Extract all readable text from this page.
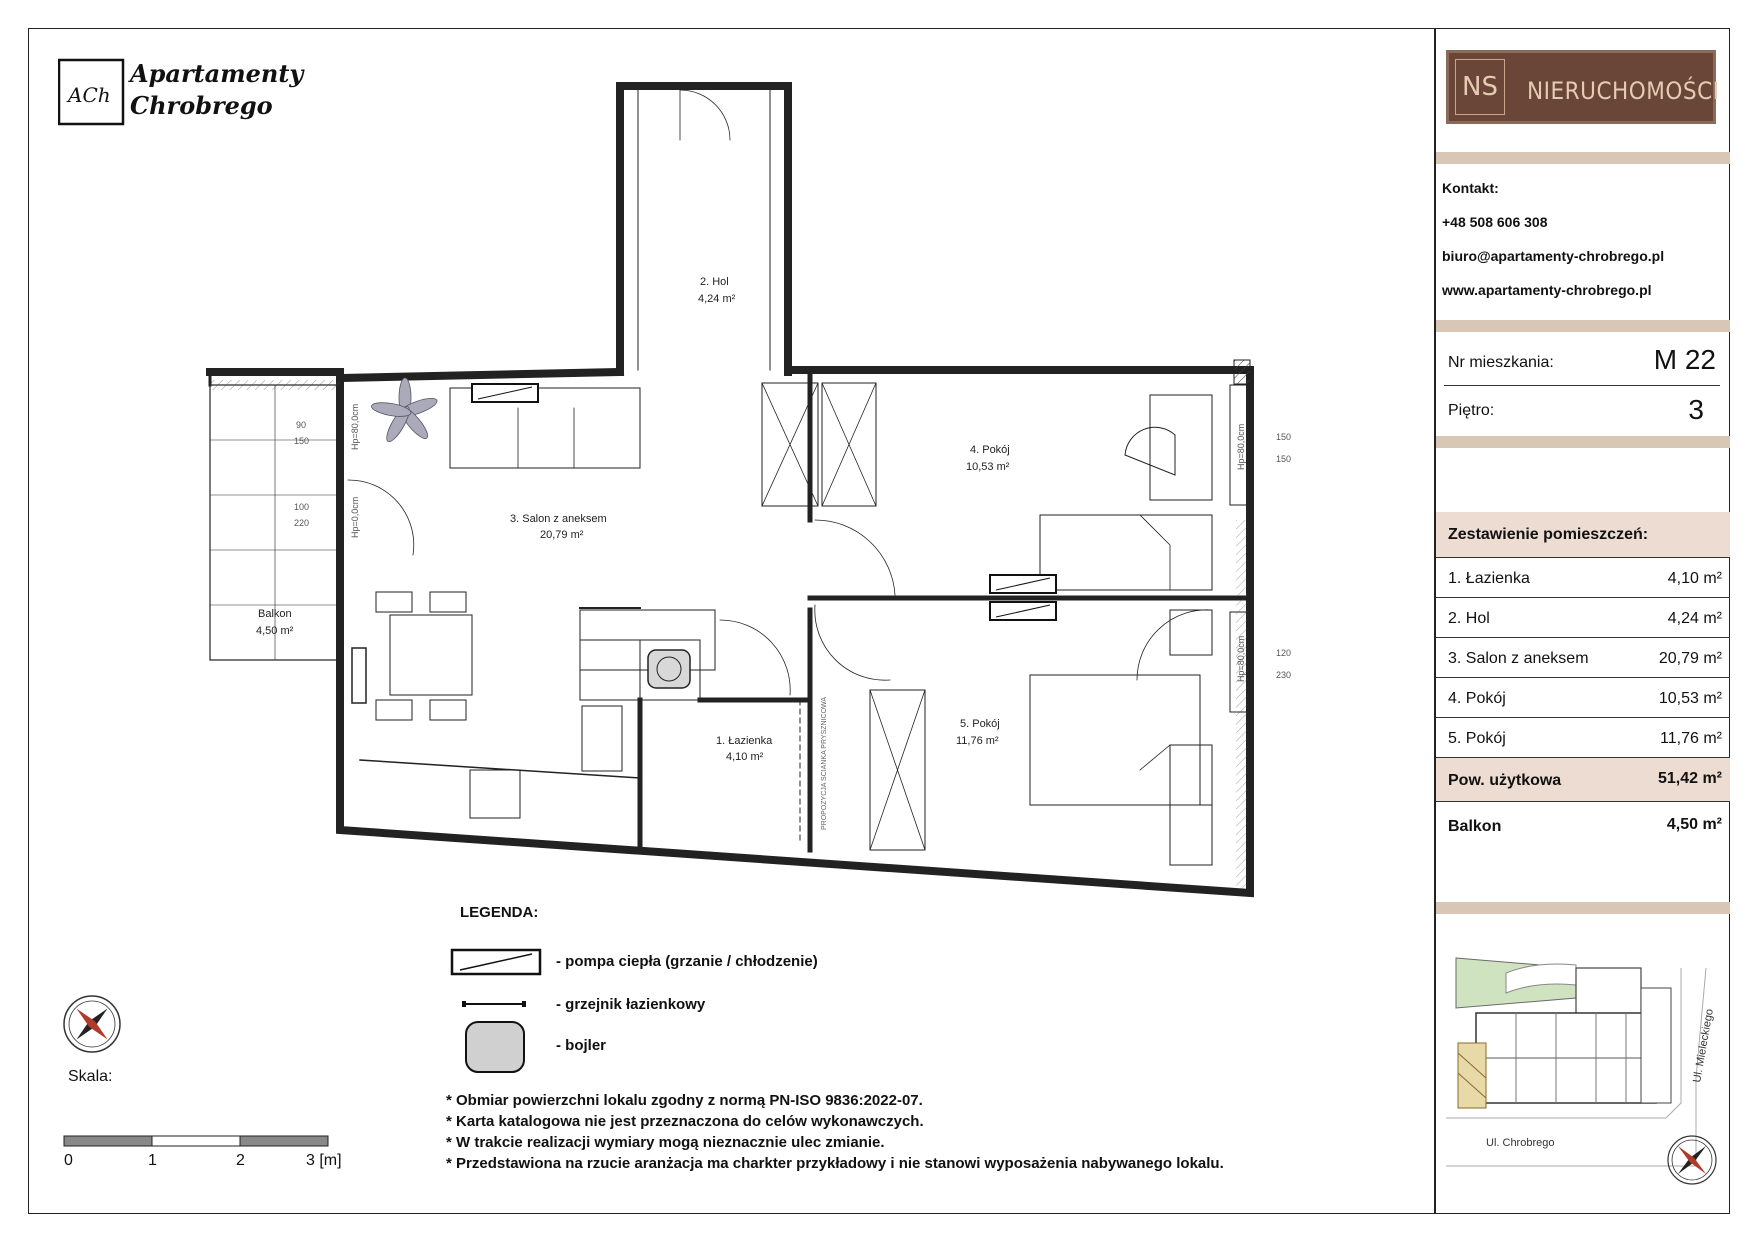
ACh
Apartamenty
Chrobrego
NS NIERUCHOMOŚCI
Kontakt:
+48 508 606 308
biuro@apartamenty-chrobrego.pl
www.apartamenty-chrobrego.pl
Nr mieszkania:	M 22
Piętro:	3
Zestawienie pomieszczeń:
1. Łazienka	4,10 m²
2. Hol	4,24 m²
3. Salon z aneksem	20,79 m²
4. Pokój	10,53 m²
5. Pokój	11,76 m²
Pow. użytkowa	51,42 m²
Balkon	4,50 m²
Ul. Chrobrego
Ul. Mieleckiego
2. Hol
4,24 m²
3. Salon z aneksem
20,79 m²
4. Pokój
10,53 m²
5. Pokój
11,76 m²
1. Łazienka
4,10 m²
Balkon
4,50 m²
90
150
100
220
150
150
120
230
Hp=80,0cm
Hp=0,0cm
Hp=80,0cm
Hp=80,0cm
PROPOZYCJA SCIANKA PRYSZNICOWA
LEGENDA:
- pompa ciepła (grzanie / chłodzenie)
- grzejnik łazienkowy
- bojler
* Obmiar powierzchni lokalu zgodny z normą PN-ISO 9836:2022-07.
* Karta katalogowa nie jest przeznaczona do celów wykonawczych.
* W trakcie realizacji wymiary mogą nieznacznie ulec zmianie.
* Przedstawiona na rzucie aranżacja ma charkter przykładowy i nie stanowi wyposażenia nabywanego lokalu.
Skala:
0	1	2	3 [m]
